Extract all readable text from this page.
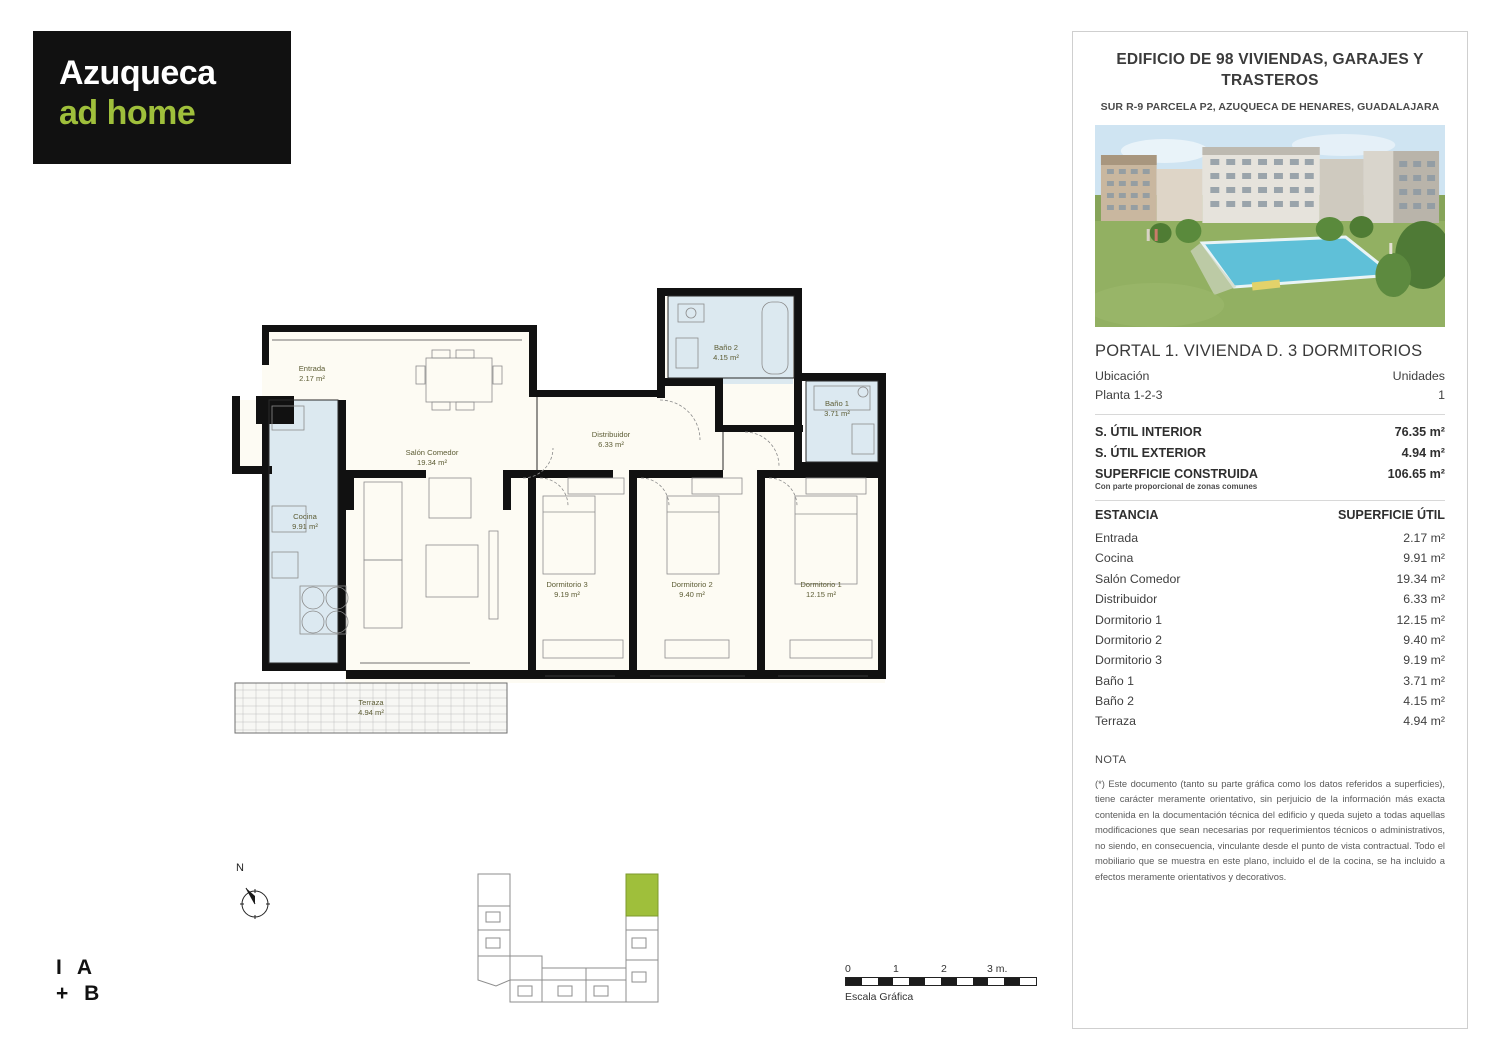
Azuqueca
ad home
I A
+ B
Entrada
2.17 m²
Salón Comedor
19.34 m²
Cocina
9.91 m²
Distribuidor
6.33 m²
Baño 2
4.15 m²
Baño 1
3.71 m²
Dormitorio 3
9.19 m²
Dormitorio 2
9.40 m²
Dormitorio 1
12.15 m²
Terraza
4.94 m²
N
0	1	2	3 m.
Escala Gráfica
EDIFICIO DE 98 VIVIENDAS, GARAJES Y TRASTEROS
SUR R-9 PARCELA P2, AZUQUECA DE HENARES, GUADALAJARA
PORTAL 1. VIVIENDA D. 3 DORMITORIOS
Ubicación	Unidades
Planta 1-2-3	1
S. ÚTIL INTERIOR	76.35 m²
S. ÚTIL EXTERIOR	4.94 m²
SUPERFICIE CONSTRUIDA	106.65 m²
Con parte proporcional de zonas comunes
ESTANCIA	SUPERFICIE ÚTIL
Entrada	2.17 m²
Cocina	9.91 m²
Salón Comedor	19.34 m²
Distribuidor	6.33 m²
Dormitorio 1	12.15 m²
Dormitorio 2	9.40 m²
Dormitorio 3	9.19 m²
Baño 1	3.71 m²
Baño 2	4.15 m²
Terraza	4.94 m²
NOTA
(*) Este documento (tanto su parte gráfica como los datos referidos a superficies), tiene carácter meramente orientativo, sin perjuicio de la información más exacta contenida en la documentación técnica del edificio y queda sujeto a todas aquellas modificaciones que sean necesarias por requerimientos técnicos o administrativos, no siendo, en consecuencia, vinculante desde el punto de vista contractual. Todo el mobiliario que se muestra en este plano, incluido el de la cocina, se ha incluido a efectos meramente orientativos y decorativos.
